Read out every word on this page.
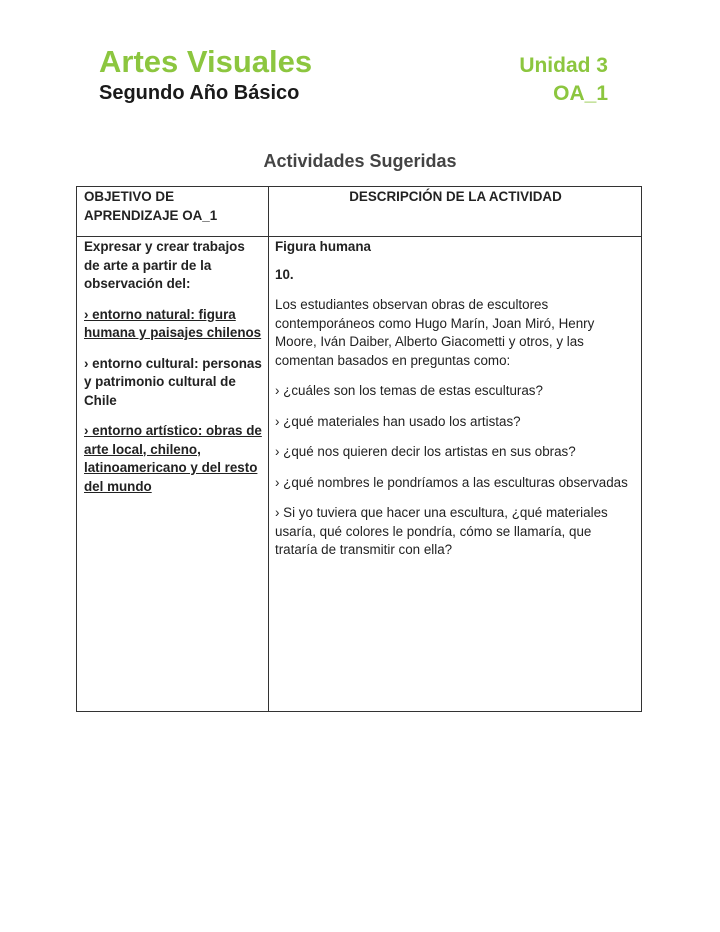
Artes Visuales
Segundo Año Básico
Unidad 3
OA_1
Actividades Sugeridas
OBJETIVO DE APRENDIZAJE OA_1
DESCRIPCIÓN DE LA ACTIVIDAD

Expresar y crear trabajos de arte a partir de la observación del:

› entorno natural: figura humana y paisajes chilenos

› entorno cultural: personas y patrimonio cultural de Chile

› entorno artístico: obras de arte local, chileno, latinoamericano y del resto del mundo

Figura humana

10.

Los estudiantes observan obras de escultores contemporáneos como Hugo Marín, Joan Miró, Henry Moore, Iván Daiber, Alberto Giacometti y otros, y las comentan basados en preguntas como:

› ¿cuáles son los temas de estas esculturas?

› ¿qué materiales han usado los artistas?

› ¿qué nos quieren decir los artistas en sus obras?

› ¿qué nombres le pondríamos a las esculturas observadas

› Si yo tuviera que hacer una escultura, ¿qué materiales usaría, qué colores le pondría, cómo se llamaría, que trataría de transmitir con ella?
